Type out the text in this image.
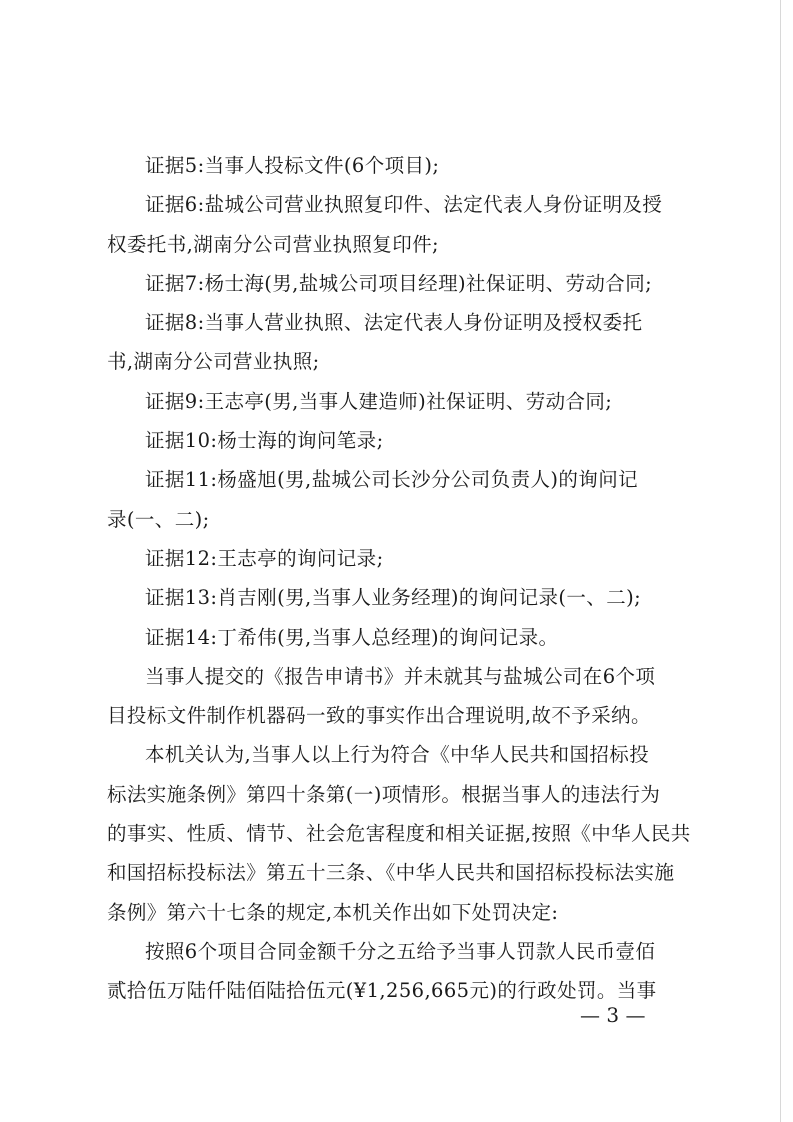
证据5:当事人投标文件(6个项目);
证据6:盐城公司营业执照复印件、法定代表人身份证明及授
权委托书,湖南分公司营业执照复印件;
证据7:杨士海(男,盐城公司项目经理)社保证明、劳动合同;
证据8:当事人营业执照、法定代表人身份证明及授权委托
书,湖南分公司营业执照;
证据9:王志亭(男,当事人建造师)社保证明、劳动合同;
证据10:杨士海的询问笔录;
证据11:杨盛旭(男,盐城公司长沙分公司负责人)的询问记
录(一、二);
证据12:王志亭的询问记录;
证据13:肖吉刚(男,当事人业务经理)的询问记录(一、二);
证据14:丁希伟(男,当事人总经理)的询问记录。
当事人提交的《报告申请书》并未就其与盐城公司在6个项
目投标文件制作机器码一致的事实作出合理说明,故不予采纳。
本机关认为,当事人以上行为符合《中华人民共和国招标投
标法实施条例》第四十条第(一)项情形。根据当事人的违法行为
的事实、性质、情节、社会危害程度和相关证据,按照《中华人民共
和国招标投标法》第五十三条、《中华人民共和国招标投标法实施
条例》第六十七条的规定,本机关作出如下处罚决定:
按照6个项目合同金额千分之五给予当事人罚款人民币壹佰
贰拾伍万陆仟陆佰陆拾伍元(¥1,256,665元)的行政处罚。当事
— 3 —
